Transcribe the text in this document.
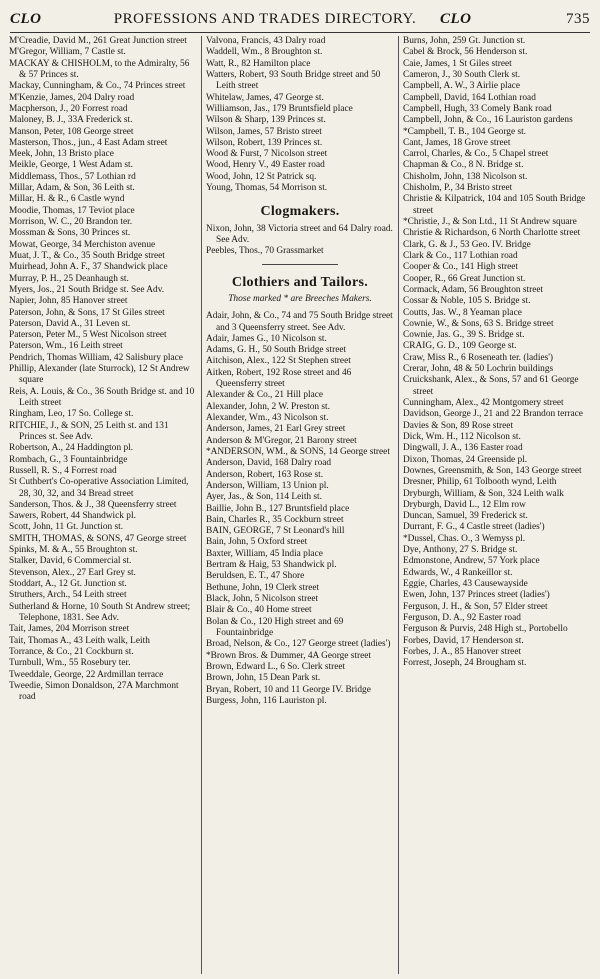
CLO	PROFESSIONS AND TRADES DIRECTORY.	CLO	735

M'Creadie, David M., 261 Great Junction street

M'Gregor, William, 7 Castle st.

MACKAY & CHISHOLM, to the Admiralty, 56 & 57 Princes st.

Mackay, Cunningham, & Co., 74 Princes street

M'Kenzie, James, 204 Dalry road

Macpherson, J., 20 Forrest road

Maloney, B. J., 33A Frederick st.

Manson, Peter, 108 George street

Masterson, Thos., jun., 4 East Adam street

Meek, John, 13 Bristo place

Meikle, George, 1 West Adam st.

Middlemass, Thos., 57 Lothian rd

Millar, Adam, & Son, 36 Leith st.

Millar, H. & R., 6 Castle wynd

Moodie, Thomas, 17 Teviot place

Morrison, W. C., 20 Brandon ter.

Mossman & Sons, 30 Princes st.

Mowat, George, 34 Merchiston avenue

Muat, J. T., & Co., 35 South Bridge street

Muirhead, John A. F., 37 Shandwick place

Murray, P. H., 25 Deanhaugh st.

Myers, Jos., 21 South Bridge st. See Adv.

Napier, John, 85 Hanover street

Paterson, John, & Sons, 17 St Giles street

Paterson, David A., 31 Leven st.

Paterson, Peter M., 5 West Nicolson street

Paterson, Wm., 16 Leith street

Pendrich, Thomas William, 42 Salisbury place

Phillip, Alexander (late Sturrock), 12 St Andrew square

Reis, A. Louis, & Co., 36 South Bridge st. and 10 Leith street

Ringham, Leo, 17 So. College st.

RITCHIE, J., & SON, 25 Leith st. and 131 Princes st. See Adv.

Robertson, A., 24 Haddington pl.

Rombach, G., 3 Fountainbridge

Russell, R. S., 4 Forrest road

St Cuthbert's Co-operative Association Limited, 28, 30, 32, and 34 Bread street

Sanderson, Thos. & J., 38 Queensferry street

Sawers, Robert, 44 Shandwick pl.

Scott, John, 11 Gt. Junction st.

SMITH, THOMAS, & SONS, 47 George street

Spinks, M. & A., 55 Broughton st.

Stalker, David, 6 Commercial st.

Stevenson, Alex., 27 Earl Grey st.

Stoddart, A., 12 Gt. Junction st.

Struthers, Arch., 54 Leith street

Sutherland & Horne, 10 South St Andrew street; Telephone, 1831. See Adv.

Tait, James, 204 Morrison street

Tait, Thomas A., 43 Leith walk, Leith

Torrance, & Co., 21 Cockburn st.

Turnbull, Wm., 55 Rosebury ter.

Tweeddale, George, 22 Ardmillan terrace

Tweedie, Simon Donaldson, 27A Marchmont road

Valvona, Francis, 43 Dalry road

Waddell, Wm., 8 Broughton st.

Watt, R., 82 Hamilton place

Watters, Robert, 93 South Bridge street and 50 Leith street

Whitelaw, James, 47 George st.

Williamson, Jas., 179 Bruntsfield place

Wilson & Sharp, 139 Princes st.

Wilson, James, 57 Bristo street

Wilson, Robert, 139 Princes st.

Wood & Furst, 7 Nicolson street

Wood, Henry V., 49 Easter road

Wood, John, 12 St Patrick sq.

Young, Thomas, 54 Morrison st.

Clogmakers.

Nixon, John, 38 Victoria street and 64 Dalry road. See Adv.

Peebles, Thos., 70 Grassmarket

Clothiers and Tailors.
Those marked * are Breeches Makers.

Adair, John, & Co., 74 and 75 South Bridge street and 3 Queensferry street. See Adv.

Adair, James G., 10 Nicolson st.

Adams, G. H., 50 South Bridge street

Aitchison, Alex., 122 St Stephen street

Aitken, Robert, 192 Rose street and 46 Queensferry street

Alexander & Co., 21 Hill place

Alexander, John, 2 W. Preston st.

Alexander, Wm., 43 Nicolson st.

Anderson, James, 21 Earl Grey street

Anderson & M'Gregor, 21 Barony street

*ANDERSON, WM., & SONS, 14 George street

Anderson, David, 168 Dalry road

Anderson, Robert, 163 Rose st.

Anderson, William, 13 Union pl.

Ayer, Jas., & Son, 114 Leith st.

Baillie, John B., 127 Bruntsfield place

Bain, Charles R., 35 Cockburn street

BAIN, GEORGE, 7 St Leonard's hill

Bain, John, 5 Oxford street

Baxter, William, 45 India place

Bertram & Haig, 53 Shandwick pl.

Beruldsen, E. T., 47 Shore

Bethune, John, 19 Clerk street

Black, John, 5 Nicolson street

Blair & Co., 40 Home street

Bolan & Co., 120 High street and 69 Fountainbridge

Broad, Nelson, & Co., 127 George street (ladies')

*Brown Bros. & Dummer, 4A George street

Brown, Edward L., 6 So. Clerk street

Brown, John, 15 Dean Park st.

Bryan, Robert, 10 and 11 George IV. Bridge

Burgess, John, 116 Lauriston pl.

Burns, John, 259 Gt. Junction st.

Cabel & Brock, 56 Henderson st.

Caie, James, 1 St Giles street

Cameron, J., 30 South Clerk st.

Campbell, A. W., 3 Airlie place

Campbell, David, 164 Lothian road

Campbell, Hugh, 33 Comely Bank road

Campbell, John, & Co., 16 Lauriston gardens

*Campbell, T. B., 104 George st.

Cant, James, 18 Grove street

Carrol, Charles, & Co., 5 Chapel street

Chapman & Co., 8 N. Bridge st.

Chisholm, John, 138 Nicolson st.

Chisholm, P., 34 Bristo street

Christie & Kilpatrick, 104 and 105 South Bridge street

*Christie, J., & Son Ltd., 11 St Andrew square

Christie & Richardson, 6 North Charlotte street

Clark, G. & J., 53 Geo. IV. Bridge

Clark & Co., 117 Lothian road

Cooper & Co., 141 High street

Cooper, R., 66 Great Junction st.

Cormack, Adam, 56 Broughton street

Cossar & Noble, 105 S. Bridge st.

Coutts, Jas. W., 8 Yeaman place

Cownie, W., & Sons, 63 S. Bridge street

Cownie, Jas. G., 39 S. Bridge st.

CRAIG, G. D., 109 George st.

Craw, Miss R., 6 Roseneath ter. (ladies')

Crerar, John, 48 & 50 Lochrin buildings

Cruickshank, Alex., & Sons, 57 and 61 George street

Cunningham, Alex., 42 Montgomery street

Davidson, George J., 21 and 22 Brandon terrace

Davies & Son, 89 Rose street

Dick, Wm. H., 112 Nicolson st.

Dingwall, J. A., 136 Easter road

Dixon, Thomas, 24 Greenside pl.

Downes, Greensmith, & Son, 143 George street

Dresner, Philip, 61 Tolbooth wynd, Leith

Dryburgh, William, & Son, 324 Leith walk

Dryburgh, David L., 12 Elm row

Duncan, Samuel, 39 Frederick st.

Durrant, F. G., 4 Castle street (ladies')

*Dussel, Chas. O., 3 Wemyss pl.

Dye, Anthony, 27 S. Bridge st.

Edmonstone, Andrew, 57 York place

Edwards, W., 4 Rankeillor st.

Eggie, Charles, 43 Causewayside

Ewen, John, 137 Princes street (ladies')

Ferguson, J. H., & Son, 57 Elder street

Ferguson, D. A., 92 Easter road

Ferguson & Purvis, 248 High st., Portobello

Forbes, David, 17 Henderson st.

Forbes, J. A., 85 Hanover street

Forrest, Joseph, 24 Brougham st.
